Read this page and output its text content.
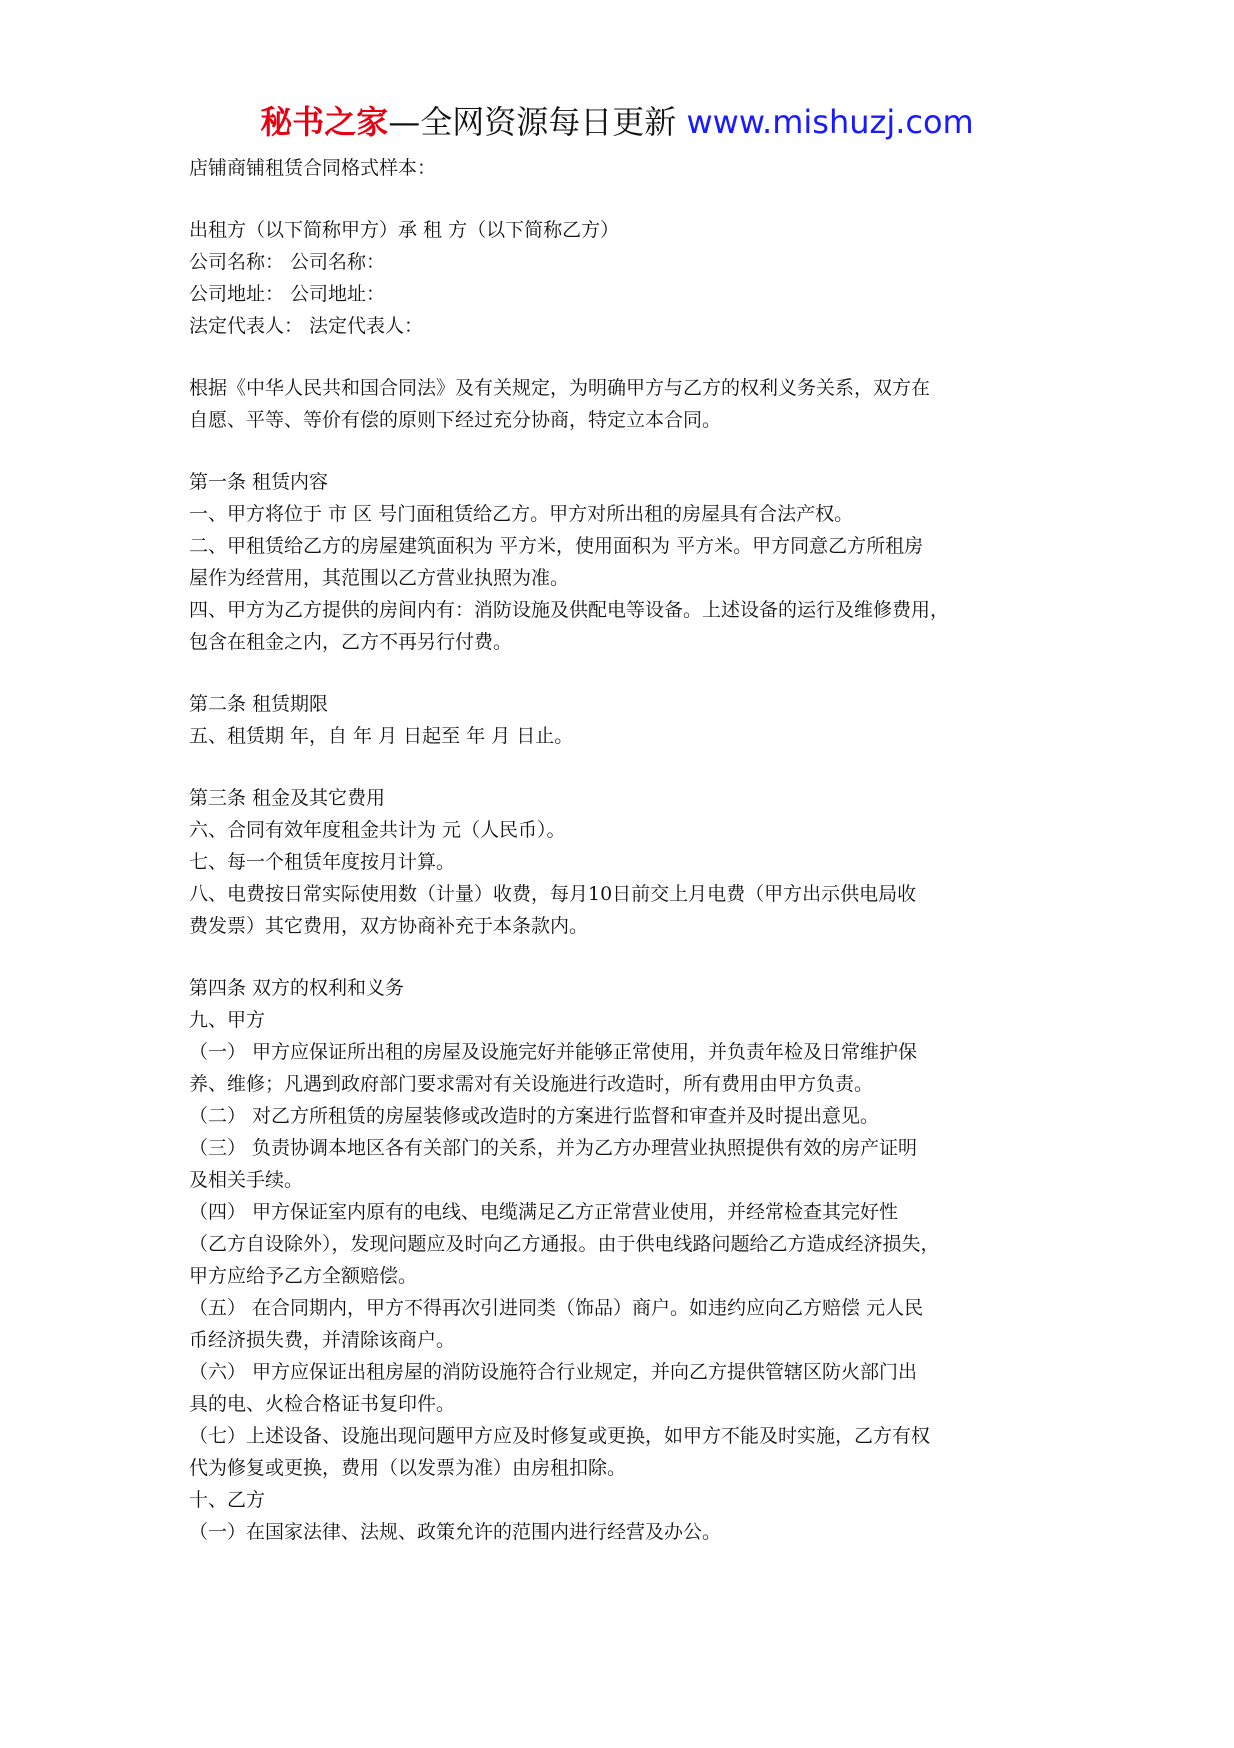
秘书之家—全网资源每日更新 www.mishuzj.com
店铺商铺租赁合同格式样本：
出租方（以下简称甲方）承 租 方（以下简称乙方）
公司名称： 公司名称：
公司地址： 公司地址：
法定代表人： 法定代表人：
根据《中华人民共和国合同法》及有关规定，为明确甲方与乙方的权利义务关系，双方在
自愿、平等、等价有偿的原则下经过充分协商，特定立本合同。
第一条 租赁内容
一、甲方将位于 市 区 号门面租赁给乙方。甲方对所出租的房屋具有合法产权。
二、甲租赁给乙方的房屋建筑面积为 平方米，使用面积为 平方米。甲方同意乙方所租房
屋作为经营用，其范围以乙方营业执照为准。
四、甲方为乙方提供的房间内有：消防设施及供配电等设备。上述设备的运行及维修费用，
包含在租金之内，乙方不再另行付费。
第二条 租赁期限
五、租赁期 年，自 年 月 日起至 年 月 日止。
第三条 租金及其它费用
六、合同有效年度租金共计为 元（人民币）。
七、每一个租赁年度按月计算。
八、电费按日常实际使用数（计量）收费，每月10日前交上月电费（甲方出示供电局收
费发票）其它费用，双方协商补充于本条款内。
第四条 双方的权利和义务
九、甲方
（一） 甲方应保证所出租的房屋及设施完好并能够正常使用，并负责年检及日常维护保
养、维修；凡遇到政府部门要求需对有关设施进行改造时，所有费用由甲方负责。
（二） 对乙方所租赁的房屋装修或改造时的方案进行监督和审查并及时提出意见。
（三） 负责协调本地区各有关部门的关系，并为乙方办理营业执照提供有效的房产证明
及相关手续。
（四） 甲方保证室内原有的电线、电缆满足乙方正常营业使用，并经常检查其完好性
（乙方自设除外），发现问题应及时向乙方通报。由于供电线路问题给乙方造成经济损失，
甲方应给予乙方全额赔偿。
（五） 在合同期内，甲方不得再次引进同类（饰品）商户。如违约应向乙方赔偿 元人民
币经济损失费，并清除该商户。
（六） 甲方应保证出租房屋的消防设施符合行业规定，并向乙方提供管辖区防火部门出
具的电、火检合格证书复印件。
（七）上述设备、设施出现问题甲方应及时修复或更换，如甲方不能及时实施，乙方有权
代为修复或更换，费用（以发票为准）由房租扣除。
十、乙方
（一）在国家法律、法规、政策允许的范围内进行经营及办公。
